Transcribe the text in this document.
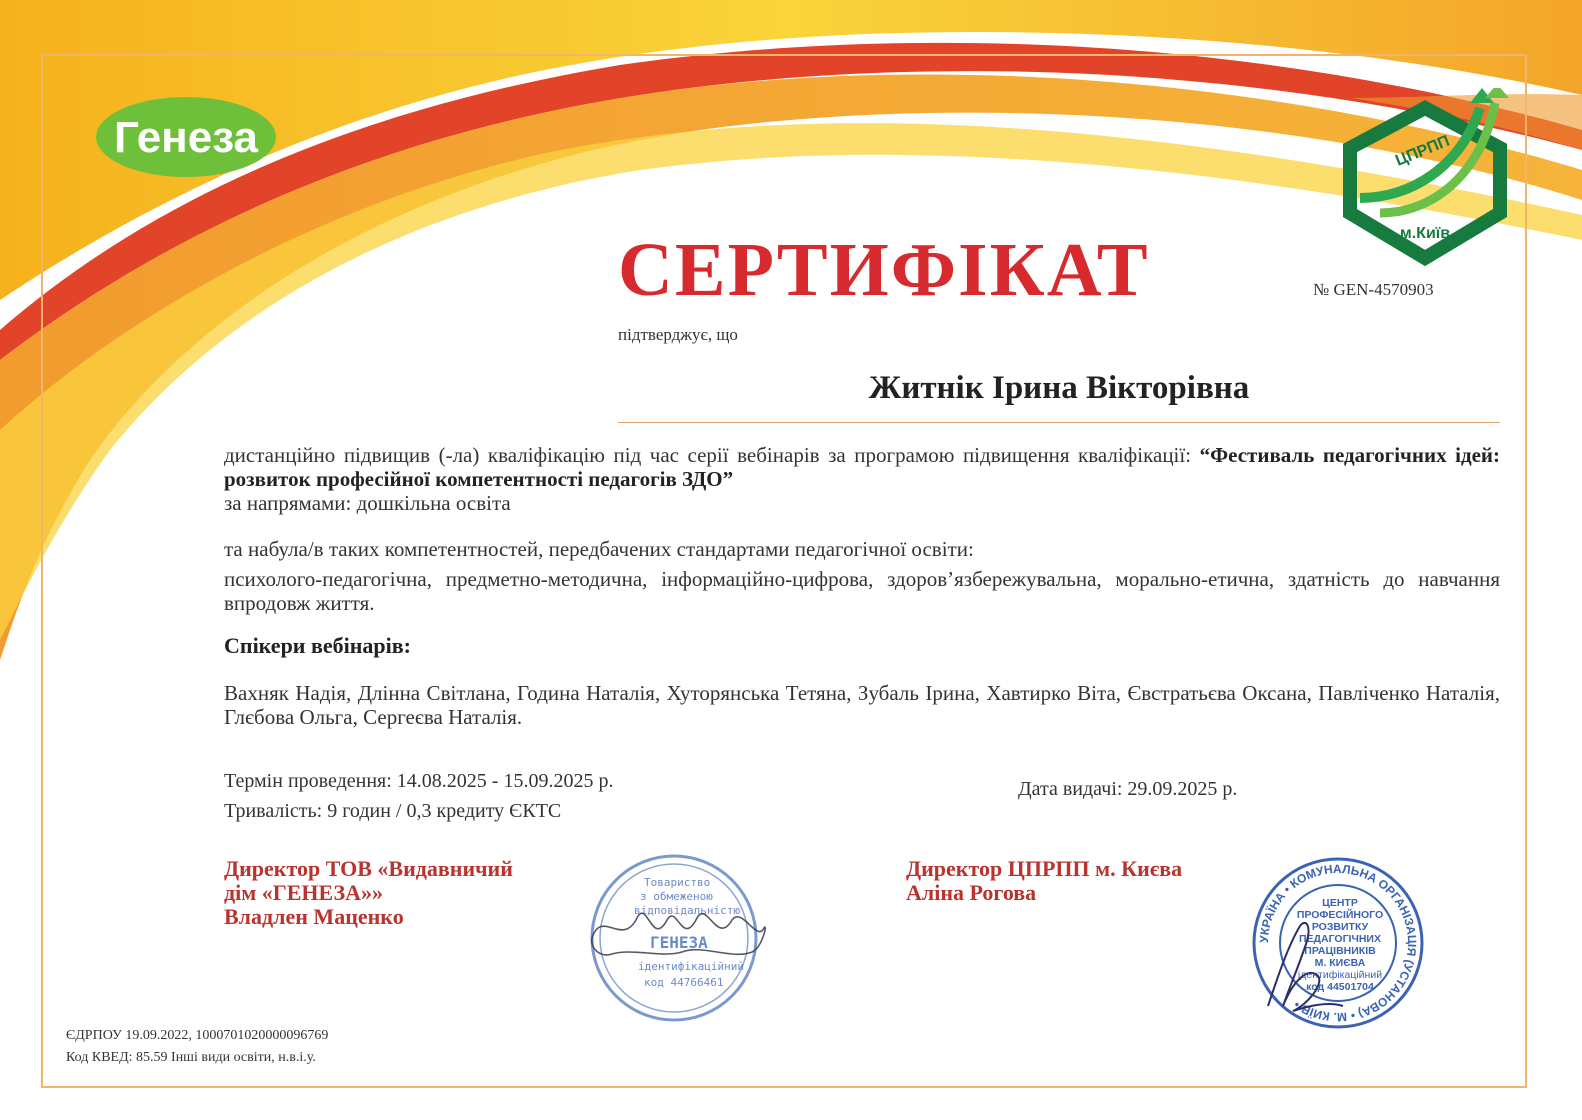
Генеза	ЦПРПП
м.Київ
СЕРТИФІКАТ	№ GEN-4570903
підтверджує, що
Житнік Ірина Вікторівна
дистанційно підвищив (-ла) кваліфікацію під час серії вебінарів за програмою підвищення кваліфікації: “Фестиваль педагогічних ідей: розвиток професійної компетентності педагогів ЗДО”
за напрямами: дошкільна освіта
та набула/в таких компетентностей, передбачених стандартами педагогічної освіти:
психолого-педагогічна, предметно-методична, інформаційно-цифрова, здоров’язбережувальна, морально-етична, здатність до навчання впродовж життя.
Спікери вебінарів:
Вахняк Надія, Длінна Світлана, Година Наталія, Хуторянська Тетяна, Зубаль Ірина, Хавтирко Віта, Євстратьєва Оксана, Павліченко Наталія, Глєбова Ольга, Сергеєва Наталія.
Термін проведення: 14.08.2025 - 15.09.2025 р.
Тривалість: 9 годин / 0,3 кредиту ЄКТС
Дата видачі: 29.09.2025 р.
Директор ТОВ «Видавничий
дім «ГЕНЕЗА»»
Владлен Маценко
Директор ЦПРПП м. Києва
Аліна Рогова
Товариство
з обмеженою
відповідальністю
ГЕНЕЗА
ідентифікаційний
код 44766461
УКРАЇНА • КОМУНАЛЬНА ОРГАНІЗАЦІЯ (УСТАНОВА) • М. КИЇВ •
ЦЕНТР
ПРОФЕСІЙНОГО
РОЗВИТКУ
ПЕДАГОГІЧНИХ
ПРАЦІВНИКІВ
М. КИЄВА
ідентифікаційний
код 44501704
ЄДРПОУ 19.09.2022, 1000701020000096769
Код КВЕД: 85.59 Інші види освіти, н.в.і.у.
